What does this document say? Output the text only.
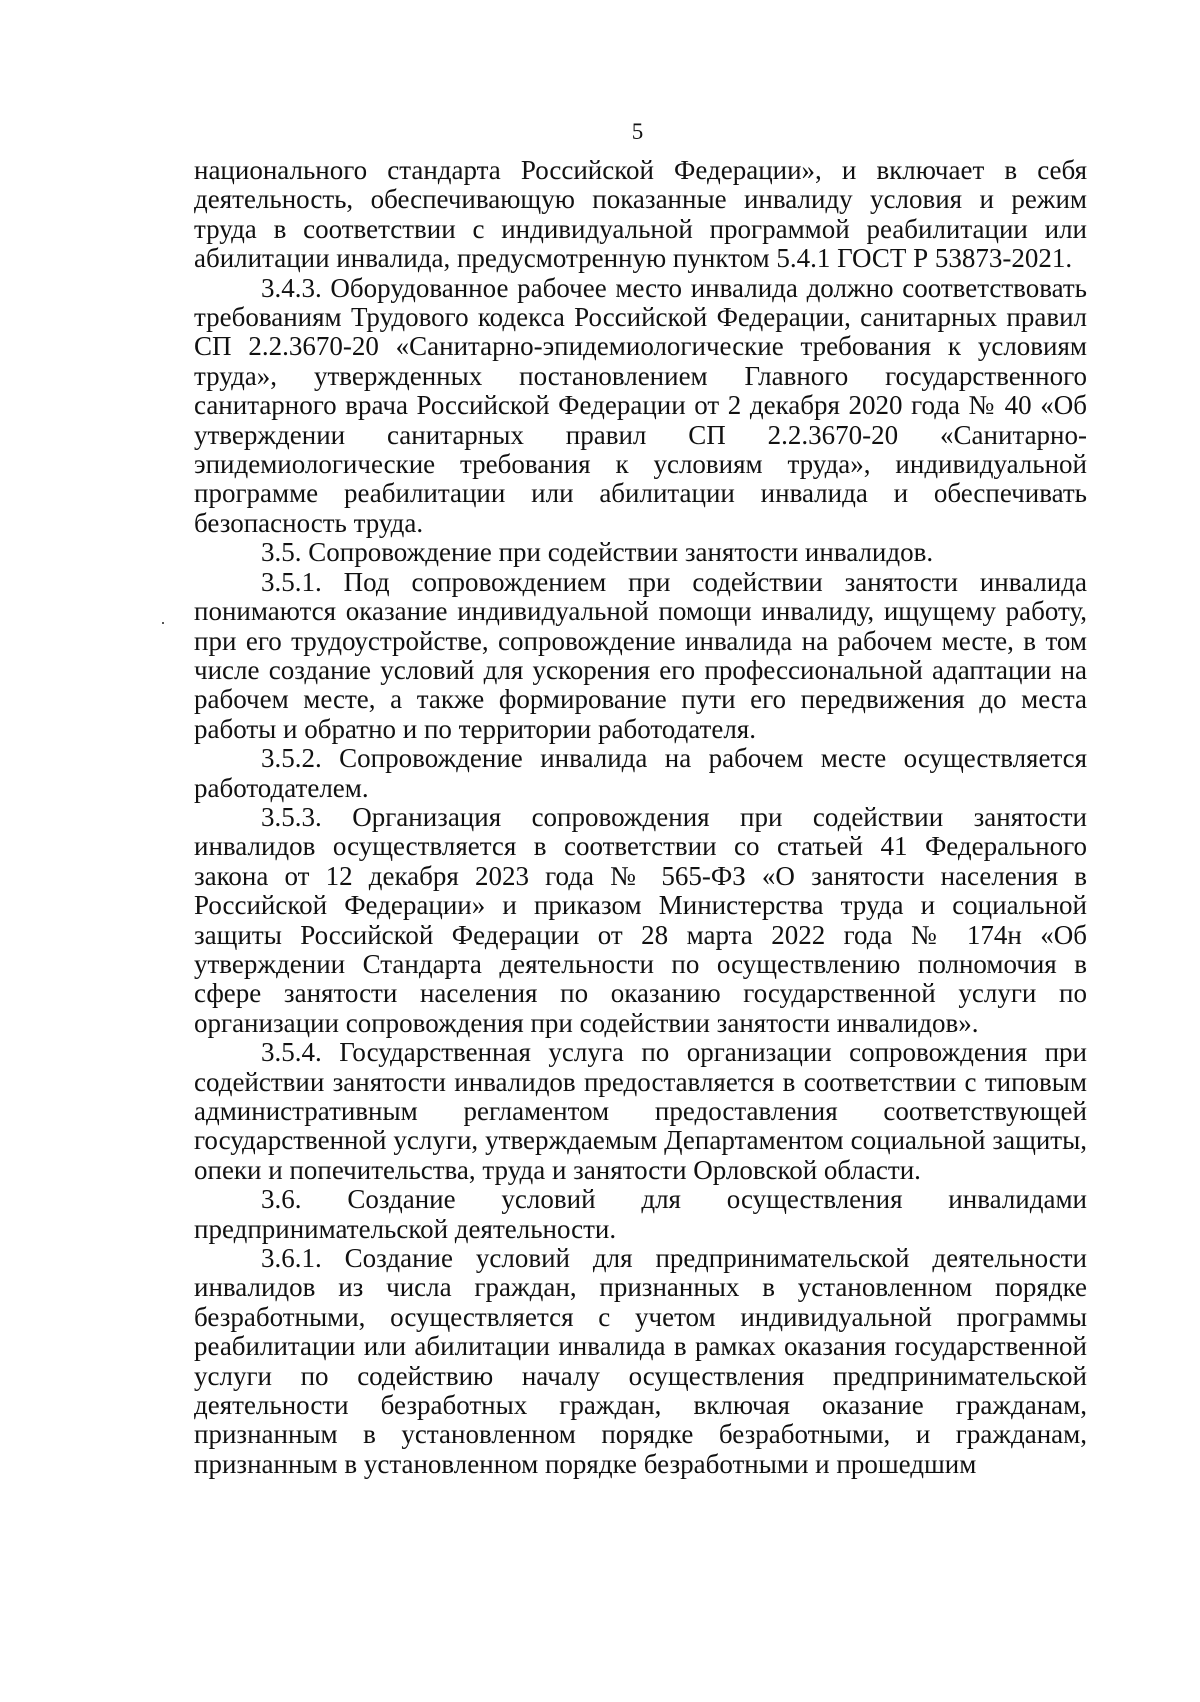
5

национального стандарта Российской Федерации», и включает в себя деятельность, обеспечивающую показанные инвалиду условия и режим труда в соответствии с индивидуальной программой реабилитации или абилитации инвалида, предусмотренную пунктом 5.4.1 ГОСТ Р 53873-2021.

3.4.3. Оборудованное рабочее место инвалида должно соответствовать требованиям Трудового кодекса Российской Федерации, санитарных правил СП 2.2.3670-20 «Санитарно-эпидемиологические требования к условиям труда», утвержденных постановлением Главного государственного санитарного врача Российской Федерации от 2 декабря 2020 года № 40 «Об утверждении санитарных правил СП 2.2.3670-20 «Санитарно-эпидемиологические требования к условиям труда», индивидуальной программе реабилитации или абилитации инвалида и обеспечивать безопасность труда.

3.5. Сопровождение при содействии занятости инвалидов.

3.5.1. Под сопровождением при содействии занятости инвалида понимаются оказание индивидуальной помощи инвалиду, ищущему работу, при его трудоустройстве, сопровождение инвалида на рабочем месте, в том числе создание условий для ускорения его профессиональной адаптации на рабочем месте, а также формирование пути его передвижения до места работы и обратно и по территории работодателя.

3.5.2. Сопровождение инвалида на рабочем месте осуществляется работодателем.

3.5.3. Организация сопровождения при содействии занятости инвалидов осуществляется в соответствии со статьей 41 Федерального закона от 12 декабря 2023 года № 565-ФЗ «О занятости населения в Российской Федерации» и приказом Министерства труда и социальной защиты Российской Федерации от 28 марта 2022 года № 174н «Об утверждении Стандарта деятельности по осуществлению полномочия в сфере занятости населения по оказанию государственной услуги по организации сопровождения при содействии занятости инвалидов».

3.5.4. Государственная услуга по организации сопровождения при содействии занятости инвалидов предоставляется в соответствии с типовым административным регламентом предоставления соответствующей государственной услуги, утверждаемым Департаментом социальной защиты, опеки и попечительства, труда и занятости Орловской области.

3.6. Создание условий для осуществления инвалидами предпринимательской деятельности.

3.6.1. Создание условий для предпринимательской деятельности инвалидов из числа граждан, признанных в установленном порядке безработными, осуществляется с учетом индивидуальной программы реабилитации или абилитации инвалида в рамках оказания государственной услуги по содействию началу осуществления предпринимательской деятельности безработных граждан, включая оказание гражданам, признанным в установленном порядке безработными, и гражданам, признанным в установленном порядке безработными и прошедшим
